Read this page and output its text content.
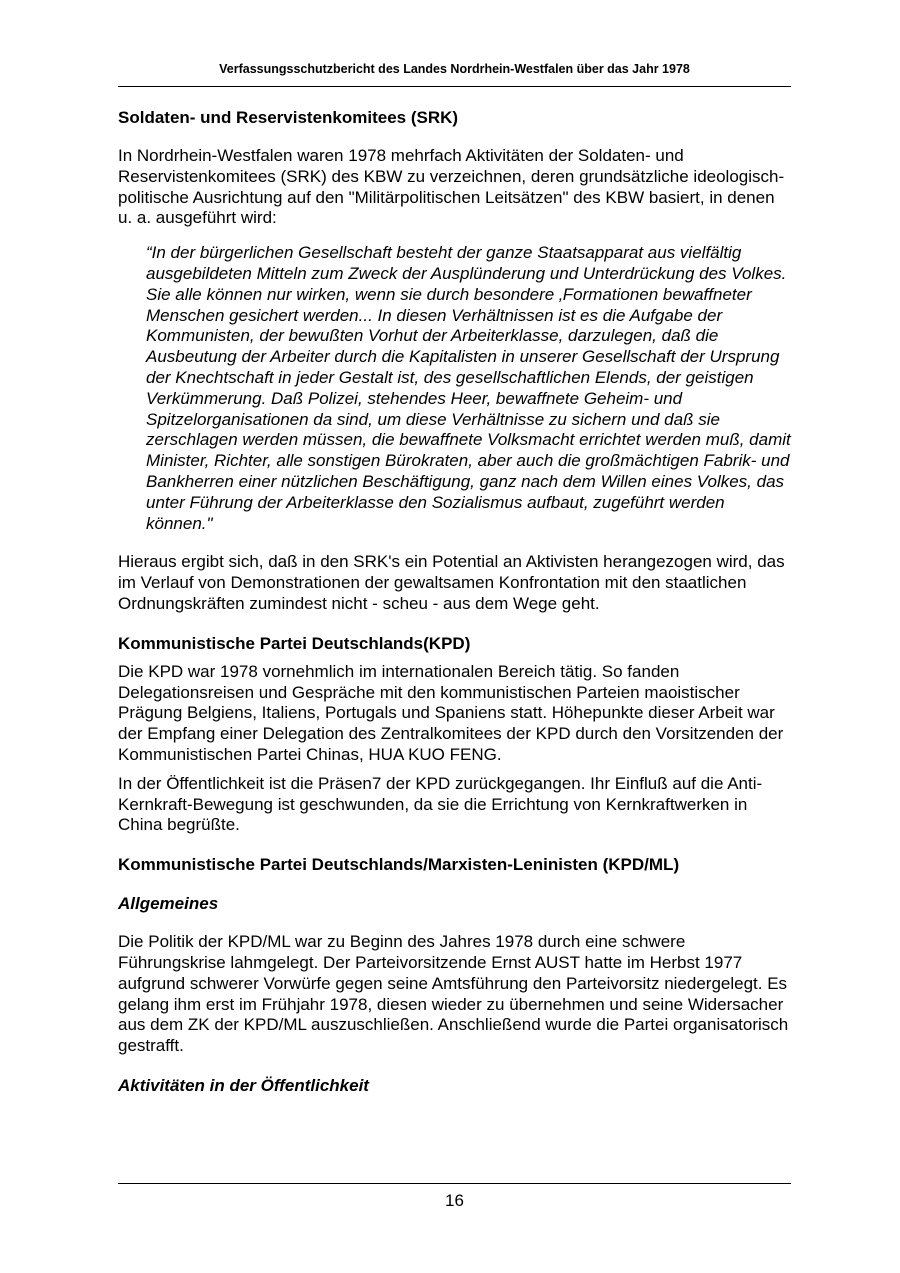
Verfassungsschutzbericht des Landes Nordrhein-Westfalen über das Jahr 1978
Soldaten- und Reservistenkomitees (SRK)

In Nordrhein-Westfalen waren 1978 mehrfach Aktivitäten der Soldaten- und Reservistenkomitees (SRK) des KBW zu verzeichnen, deren grundsätzliche ideologisch-politische Ausrichtung auf den "Militärpolitischen Leitsätzen" des KBW basiert, in denen u. a. ausgeführt wird:

“In der bürgerlichen Gesellschaft besteht der ganze Staatsapparat aus vielfältig ausgebildeten Mitteln zum Zweck der Ausplünderung und Unterdrückung des Volkes. Sie alle können nur wirken, wenn sie durch besondere ‚Formationen bewaffneter Menschen gesichert werden... In diesen Verhältnissen ist es die Aufgabe der Kommunisten, der bewußten Vorhut der Arbeiterklasse, darzulegen, daß die Ausbeutung der Arbeiter durch die Kapitalisten in unserer Gesellschaft der Ursprung der Knechtschaft in jeder Gestalt ist, des gesellschaftlichen Elends, der geistigen Verkümmerung. Daß Polizei, stehendes Heer, bewaffnete Geheim- und Spitzelorganisationen da sind, um diese Verhältnisse zu sichern und daß sie zerschlagen werden müssen, die bewaffnete Volksmacht errichtet werden muß, damit Minister, Richter, alle sonstigen Bürokraten, aber auch die großmächtigen Fabrik- und Bankherren einer nützlichen Beschäftigung, ganz nach dem Willen eines Volkes, das unter Führung der Arbeiterklasse den Sozialismus aufbaut, zugeführt werden können."

Hieraus ergibt sich, daß in den SRK's ein Potential an Aktivisten herangezogen wird, das im Verlauf von Demonstrationen der gewaltsamen Konfrontation mit den staatlichen Ordnungskräften zumindest nicht - scheu - aus dem Wege geht.

Kommunistische Partei Deutschlands(KPD)

Die KPD war 1978 vornehmlich im internationalen Bereich tätig. So fanden Delegationsreisen und Gespräche mit den kommunistischen Parteien maoistischer Prägung Belgiens, Italiens, Portugals und Spaniens statt. Höhepunkte dieser Arbeit war der Empfang einer Delegation des Zentralkomitees der KPD durch den Vorsitzenden der Kommunistischen Partei Chinas, HUA KUO FENG.

In der Öffentlichkeit ist die Präsen7 der KPD zurückgegangen. Ihr Einfluß auf die Anti-Kernkraft-Bewegung ist geschwunden, da sie die Errichtung von Kernkraftwerken in China begrüßte.

Kommunistische Partei Deutschlands/Marxisten-Leninisten (KPD/ML)
Allgemeines

Die Politik der KPD/ML war zu Beginn des Jahres 1978 durch eine schwere Führungskrise lahmgelegt. Der Parteivorsitzende Ernst AUST hatte im Herbst 1977 aufgrund schwerer Vorwürfe gegen seine Amtsführung den Parteivorsitz niedergelegt. Es gelang ihm erst im Frühjahr 1978, diesen wieder zu übernehmen und seine Widersacher aus dem ZK der KPD/ML auszuschließen. Anschließend wurde die Partei organisatorisch gestrafft.

Aktivitäten in der Öffentlichkeit
16
